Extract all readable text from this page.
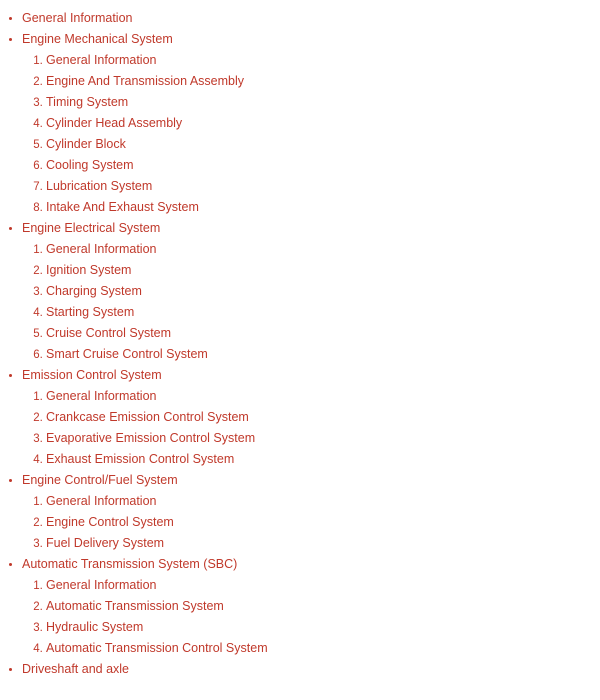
• General Information
• Engine Mechanical System
1. General Information
2. Engine And Transmission Assembly
3. Timing System
4. Cylinder Head Assembly
5. Cylinder Block
6. Cooling System
7. Lubrication System
8. Intake And Exhaust System
• Engine Electrical System
1. General Information
2. Ignition System
3. Charging System
4. Starting System
5. Cruise Control System
6. Smart Cruise Control System
• Emission Control System
1. General Information
2. Crankcase Emission Control System
3. Evaporative Emission Control System
4. Exhaust Emission Control System
• Engine Control/Fuel System
1. General Information
2. Engine Control System
3. Fuel Delivery System
• Automatic Transmission System (SBC)
1. General Information
2. Automatic Transmission System
3. Hydraulic System
4. Automatic Transmission Control System
• Driveshaft and axle
